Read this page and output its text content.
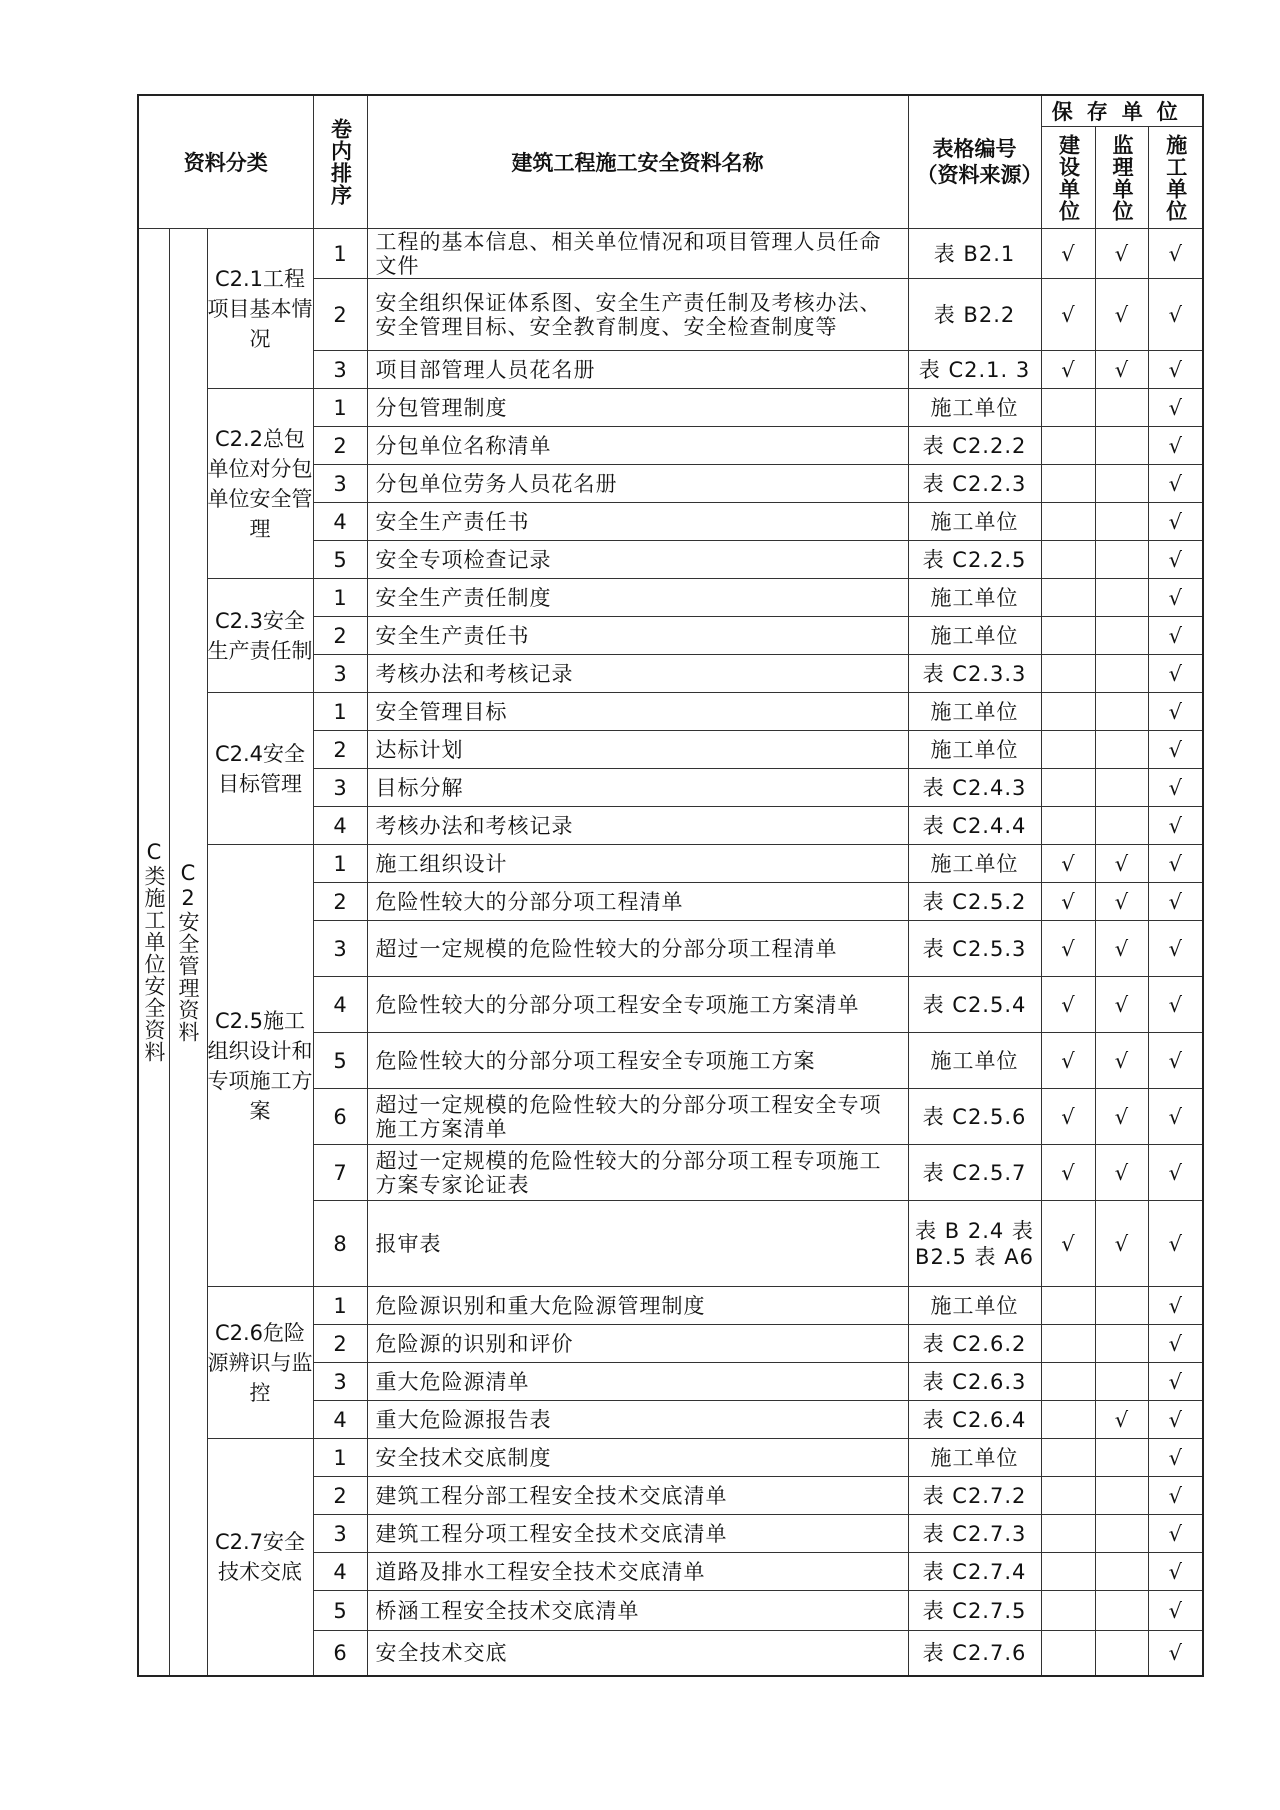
资料分类			卷内排序	建筑工程施工安全资料名称	表格编号（资料来源）	保存单位		

						建设单位	监理单位	施工单位

C类施工单位安全资料	C2安全管理资料	C2.1工程项目基本情况	1	工程的基本信息、相关单位情况和项目管理人员任命文件	表 B2.1	√	√	√
			2	安全组织保证体系图、安全生产责任制及考核办法、安全管理目标、安全教育制度、安全检查制度等	表 B2.2	√	√	√
			3	项目部管理人员花名册	表 C2.1. 3	√	√	√
		C2.2总包单位对分包单位安全管理	1	分包管理制度	施工单位			√
			2	分包单位名称清单	表 C2.2.2			√
			3	分包单位劳务人员花名册	表 C2.2.3			√
			4	安全生产责任书	施工单位			√
			5	安全专项检查记录	表 C2.2.5			√
		C2.3安全生产责任制	1	安全生产责任制度	施工单位			√
			2	安全生产责任书	施工单位			√
			3	考核办法和考核记录	表 C2.3.3			√
		C2.4安全目标管理	1	安全管理目标	施工单位			√
			2	达标计划	施工单位			√
			3	目标分解	表 C2.4.3			√
			4	考核办法和考核记录	表 C2.4.4			√
		C2.5施工组织设计和专项施工方案	1	施工组织设计	施工单位	√	√	√
			2	危险性较大的分部分项工程清单	表 C2.5.2	√	√	√
			3	超过一定规模的危险性较大的分部分项工程清单	表 C2.5.3	√	√	√
			4	危险性较大的分部分项工程安全专项施工方案清单	表 C2.5.4	√	√	√
			5	危险性较大的分部分项工程安全专项施工方案	施工单位	√	√	√
			6	超过一定规模的危险性较大的分部分项工程安全专项施工方案清单	表 C2.5.6	√	√	√
			7	超过一定规模的危险性较大的分部分项工程专项施工方案专家论证表	表 C2.5.7	√	√	√
			8	报审表	表 B 2.4 表 B2.5 表 A6	√	√	√
		C2.6危险源辨识与监控	1	危险源识别和重大危险源管理制度	施工单位			√
			2	危险源的识别和评价	表 C2.6.2			√
			3	重大危险源清单	表 C2.6.3			√
			4	重大危险源报告表	表 C2.6.4		√	√
		C2.7安全技术交底	1	安全技术交底制度	施工单位			√
			2	建筑工程分部工程安全技术交底清单	表 C2.7.2			√
			3	建筑工程分项工程安全技术交底清单	表 C2.7.3			√
			4	道路及排水工程安全技术交底清单	表 C2.7.4			√
			5	桥涵工程安全技术交底清单	表 C2.7.5			√
			6	安全技术交底	表 C2.7.6			√
